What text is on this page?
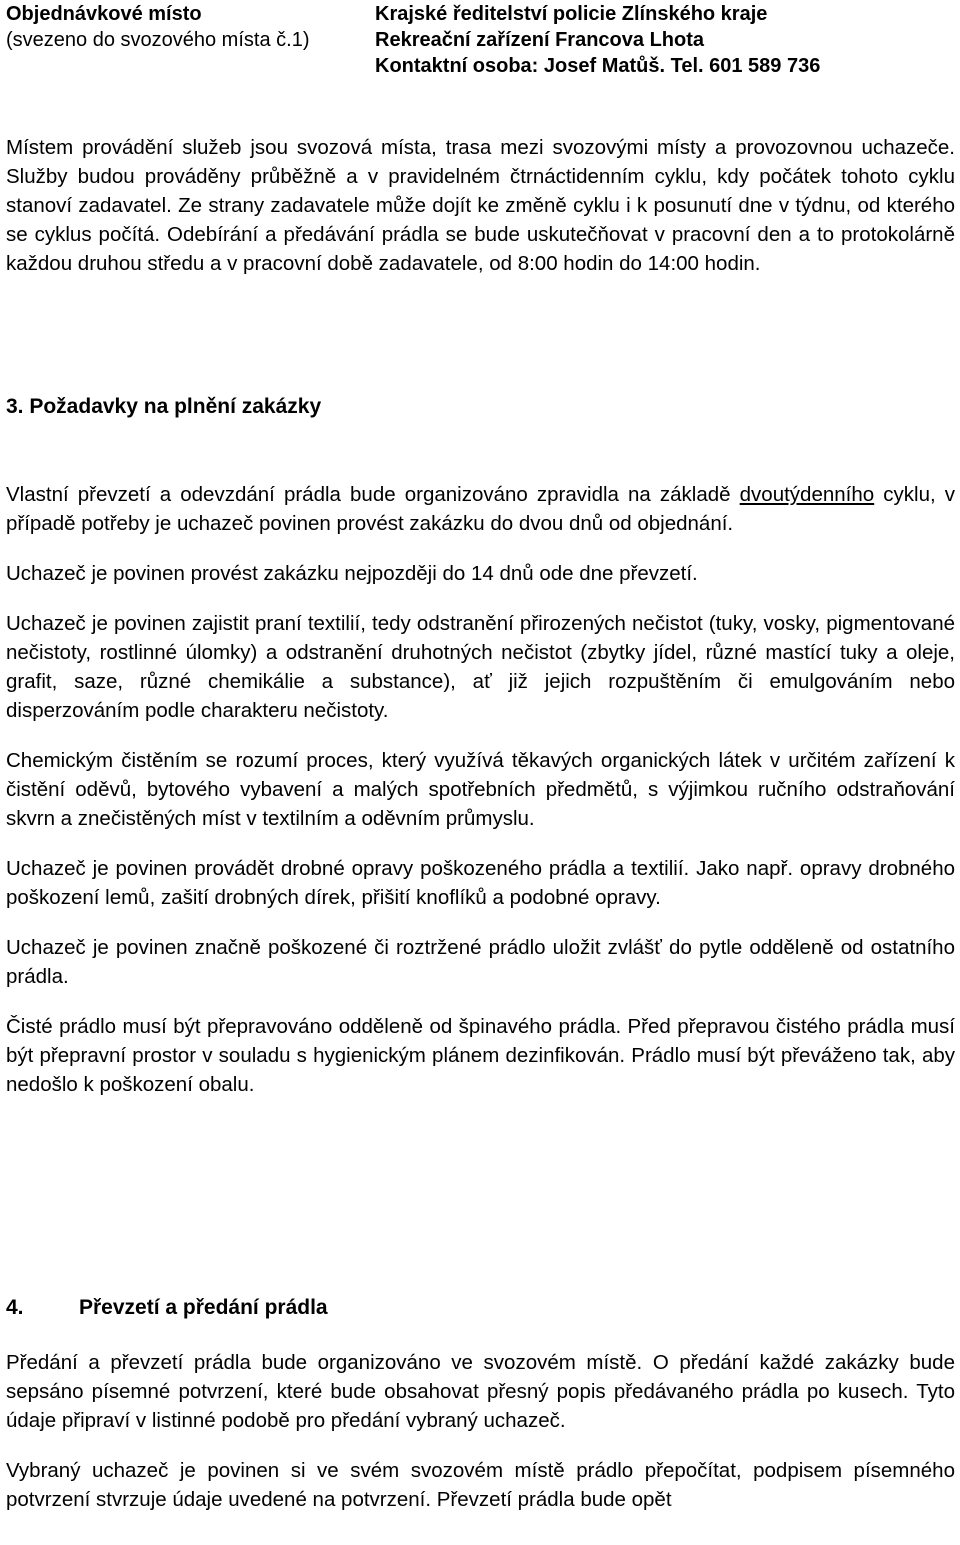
Objednávkové místo
(svezeno do svozového místa č.1)
Krajské ředitelství policie Zlínského kraje
Rekreační zařízení Francova Lhota
Kontaktní osoba: Josef Matůš. Tel. 601 589 736

Místem provádění služeb jsou svozová místa, trasa mezi svozovými místy a provozovnou uchazeče. Služby budou prováděny průběžně a v pravidelném čtrnáctidenním cyklu, kdy počátek tohoto cyklu stanoví zadavatel. Ze strany zadavatele může dojít ke změně cyklu i k posunutí dne v týdnu, od kterého se cyklus počítá. Odebírání a předávání prádla se bude uskutečňovat v pracovní den a to protokolárně každou druhou středu a v pracovní době zadavatele, od 8:00 hodin do 14:00 hodin.

3. Požadavky na plnění zakázky

Vlastní převzetí a odevzdání prádla bude organizováno zpravidla na základě dvoutýdenního cyklu, v případě potřeby je uchazeč povinen provést zakázku do dvou dnů od objednání.

Uchazeč je povinen provést zakázku nejpozději do 14 dnů ode dne převzetí.

Uchazeč je povinen zajistit praní textilií, tedy odstranění přirozených nečistot (tuky, vosky, pigmentované nečistoty, rostlinné úlomky) a odstranění druhotných nečistot (zbytky jídel, různé mastící tuky a oleje, grafit, saze, různé chemikálie a substance), ať již jejich rozpuštěním či emulgováním nebo disperzováním podle charakteru nečistoty.

Chemickým čistěním se rozumí proces, který využívá těkavých organických látek v určitém zařízení k čistění oděvů, bytového vybavení a malých spotřebních předmětů, s výjimkou ručního odstraňování skvrn a znečistěných míst v textilním a oděvním průmyslu.

Uchazeč je povinen provádět drobné opravy poškozeného prádla a textilií. Jako např. opravy drobného poškození lemů, zašití drobných dírek, přišití knoflíků a podobné opravy.

Uchazeč je povinen značně poškozené či roztržené prádlo uložit zvlášť do pytle odděleně od ostatního prádla.

Čisté prádlo musí být přepravováno odděleně od špinavého prádla. Před přepravou čistého prádla musí být přepravní prostor v souladu s hygienickým plánem dezinfikován. Prádlo musí být převáženo tak, aby nedošlo k poškození obalu.

4.	Převzetí a předání prádla

Předání a převzetí prádla bude organizováno ve svozovém místě. O předání každé zakázky bude sepsáno písemné potvrzení, které bude obsahovat přesný popis předávaného prádla po kusech. Tyto údaje připraví v listinné podobě pro předání vybraný uchazeč.

Vybraný uchazeč je povinen si ve svém svozovém místě prádlo přepočítat, podpisem písemného potvrzení stvrzuje údaje uvedené na potvrzení. Převzetí prádla bude opět
